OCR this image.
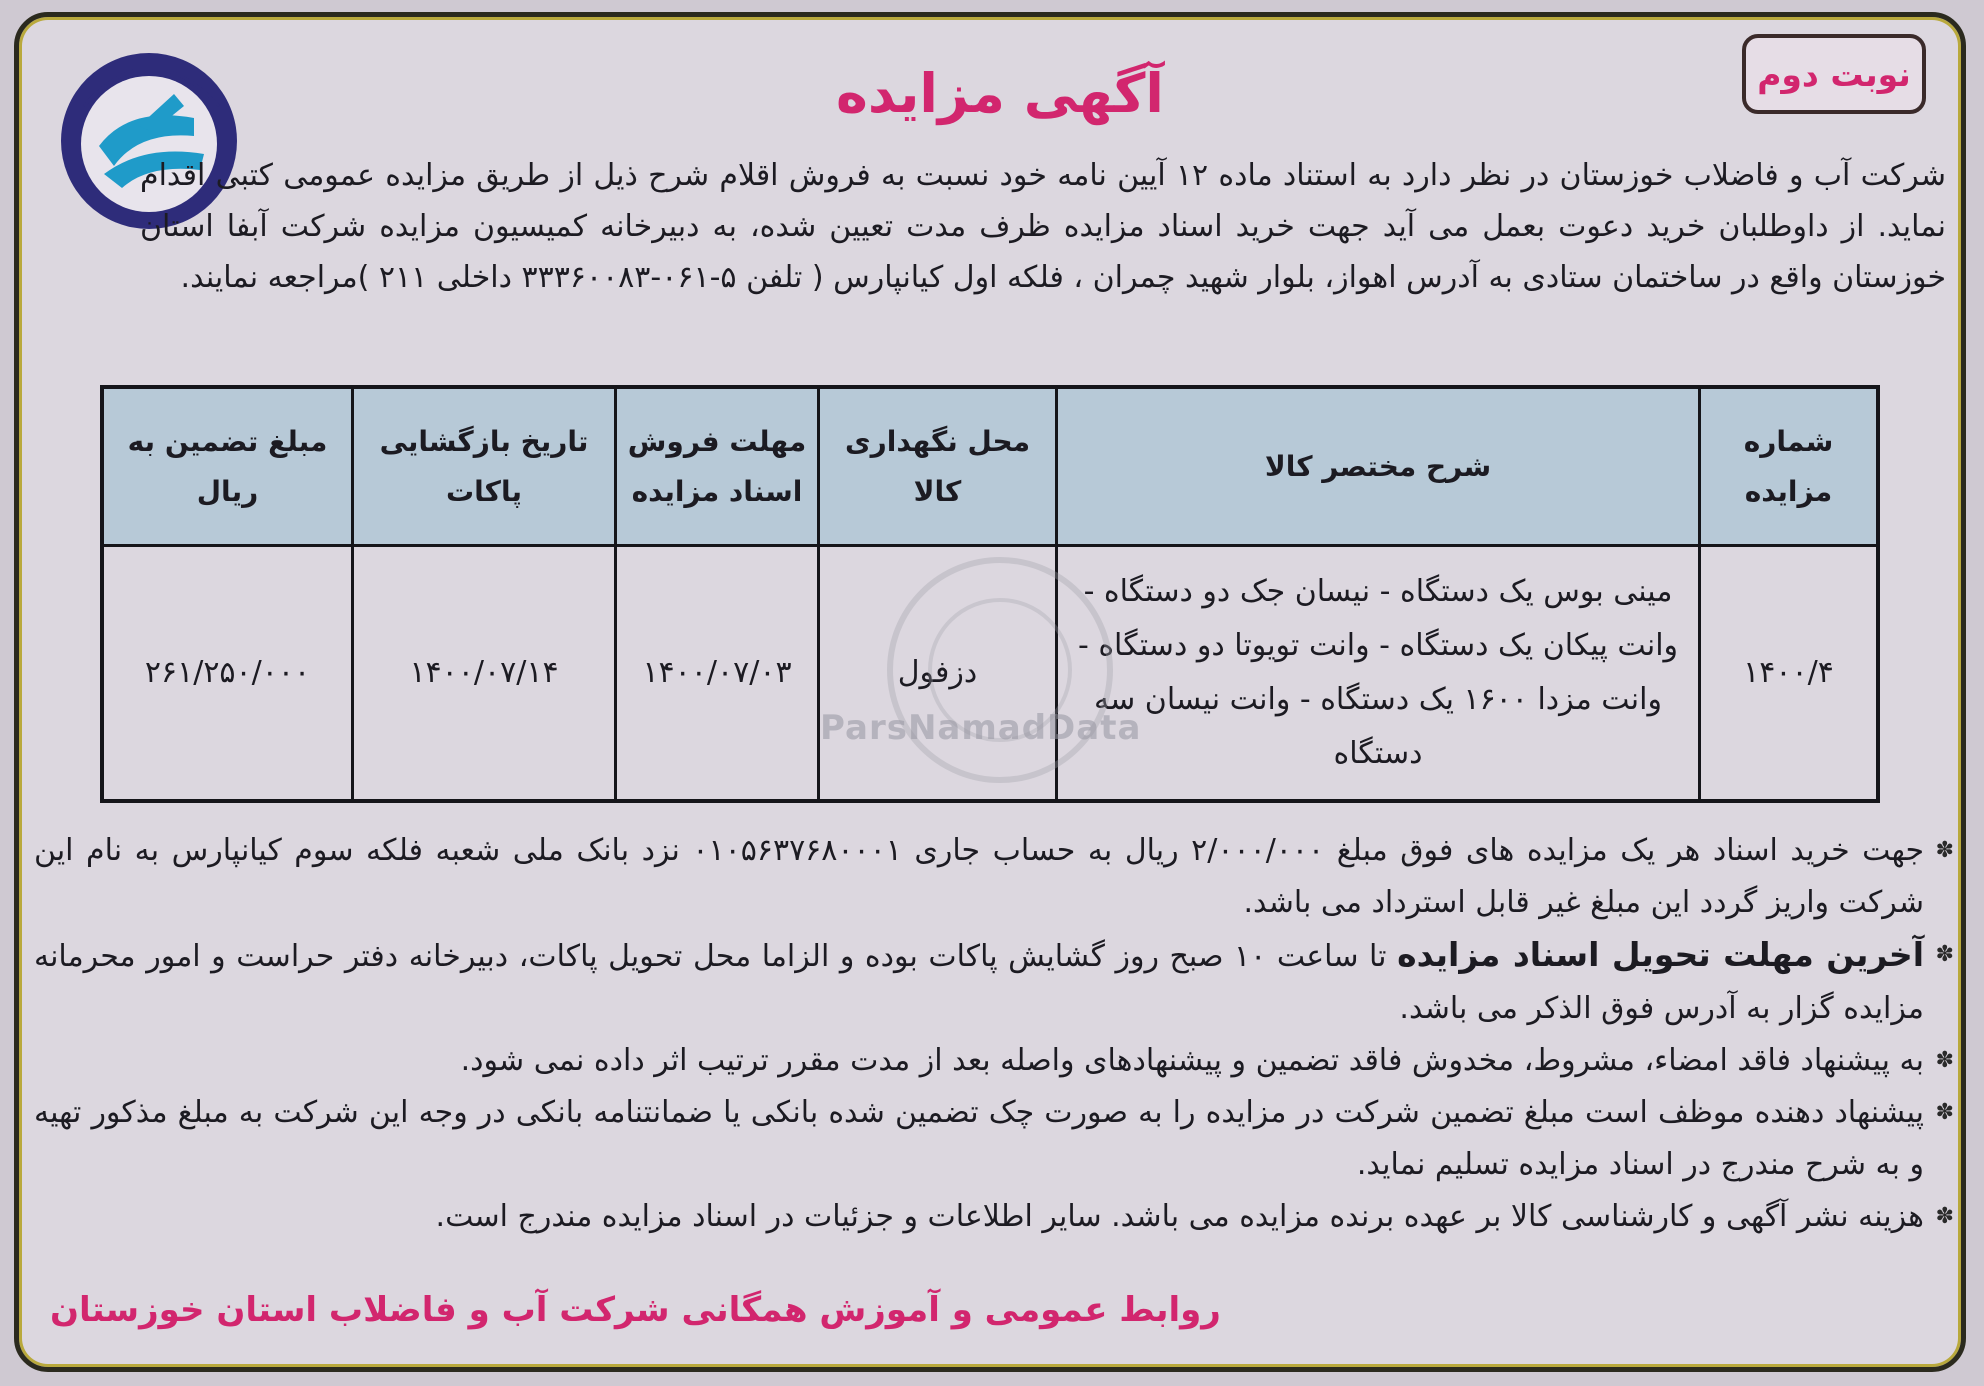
نوبت دوم
آگهی مزایده

شرکت آب و فاضلاب خوزستان در نظر دارد به استناد ماده ۱۲ آیین نامه خود نسبت به فروش اقلام شرح ذیل از طریق مزایده عمومی کتبی اقدام نماید. از داوطلبان خرید دعوت بعمل می آید جهت خرید اسناد مزایده ظرف مدت تعیین شده، به دبیرخانه کمیسیون مزایده شرکت آبفا استان خوزستان واقع در ساختمان ستادی به آدرس اهواز، بلوار شهید چمران ، فلکه اول کیانپارس ( تلفن ۵-۰۶۱-۳۳۳۶۰۰۸۳ داخلی ۲۱۱ )مراجعه نمایند.

شماره مزایده	شرح مختصر کالا	محل نگهداری کالا	مهلت فروش اسناد مزایده	تاریخ بازگشایی پاکات	مبلغ تضمین به ریال
۱۴۰۰/۴	مینی بوس یک دستگاه - نیسان جک دو دستگاه - وانت پیکان یک دستگاه - وانت تویوتا دو دستگاه - وانت مزدا ۱۶۰۰ یک دستگاه - وانت نیسان سه دستگاه	دزفول	۱۴۰۰/۰۷/۰۳	۱۴۰۰/۰۷/۱۴	۲۶۱/۲۵۰/۰۰۰
ParsNamadData
✽ جهت خرید اسناد هر یک مزایده های فوق مبلغ ۲/۰۰۰/۰۰۰ ریال به حساب جاری ۰۱۰۵۶۳۷۶۸۰۰۰۱ نزد بانک ملی شعبه فلکه سوم کیانپارس به نام این شرکت واریز گردد این مبلغ غیر قابل استرداد می باشد.
✽ آخرین مهلت تحویل اسناد مزایده تا ساعت ۱۰ صبح روز گشایش پاکات بوده و الزاما محل تحویل پاکات، دبیرخانه دفتر حراست و امور محرمانه مزایده گزار به آدرس فوق الذکر می باشد.
✽ به پیشنهاد فاقد امضاء، مشروط، مخدوش فاقد تضمین و پیشنهادهای واصله بعد از مدت مقرر ترتیب اثر داده نمی شود.
✽ پیشنهاد دهنده موظف است مبلغ تضمین شرکت در مزایده را به صورت چک تضمین شده بانکی یا ضمانتنامه بانکی در وجه این شرکت به مبلغ مذکور تهیه و به شرح مندرج در اسناد مزایده تسلیم نماید.
✽ هزینه نشر آگهی و کارشناسی کالا بر عهده برنده مزایده می باشد. سایر اطلاعات و جزئیات در اسناد مزایده مندرج است.
روابط عمومی و آموزش همگانی شرکت آب و فاضلاب استان خوزستان
